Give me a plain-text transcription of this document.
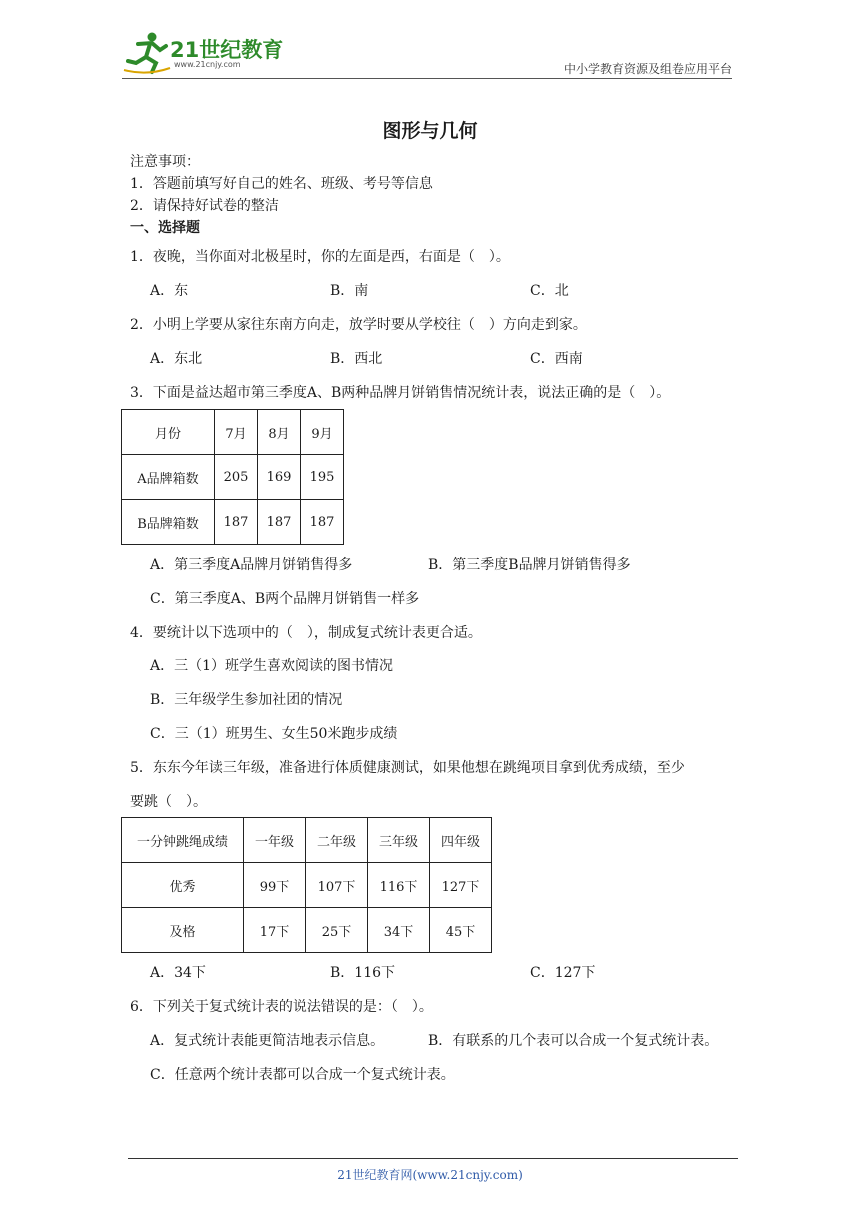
21世纪教育
www.21cnjy.com	中小学教育资源及组卷应用平台
图形与几何
注意事项：
1．答题前填写好自己的姓名、班级、考号等信息
2．请保持好试卷的整洁
一、选择题
1．夜晚，当你面对北极星时，你的左面是西，右面是（　）。
A．东	B．南	C．北
2．小明上学要从家往东南方向走，放学时要从学校往（　）方向走到家。
A．东北	B．西北	C．西南
3．下面是益达超市第三季度A、B两种品牌月饼销售情况统计表，说法正确的是（　）。
月份	7月	8月	9月
A品牌箱数	205	169	195
B品牌箱数	187	187	187
A．第三季度A品牌月饼销售得多	B．第三季度B品牌月饼销售得多
C．第三季度A、B两个品牌月饼销售一样多
4．要统计以下选项中的（　），制成复式统计表更合适。
A．三（1）班学生喜欢阅读的图书情况
B．三年级学生参加社团的情况
C．三（1）班男生、女生50米跑步成绩
5．东东今年读三年级，准备进行体质健康测试，如果他想在跳绳项目拿到优秀成绩，至少
要跳（　）。
一分钟跳绳成绩	一年级	二年级	三年级	四年级
优秀	99下	107下	116下	127下
及格	17下	25下	34下	45下
A．34下	B．116下	C．127下
6．下列关于复式统计表的说法错误的是：（　）。
A．复式统计表能更简洁地表示信息。	B．有联系的几个表可以合成一个复式统计表。
C．任意两个统计表都可以合成一个复式统计表。
21世纪教育网(www.21cnjy.com)
